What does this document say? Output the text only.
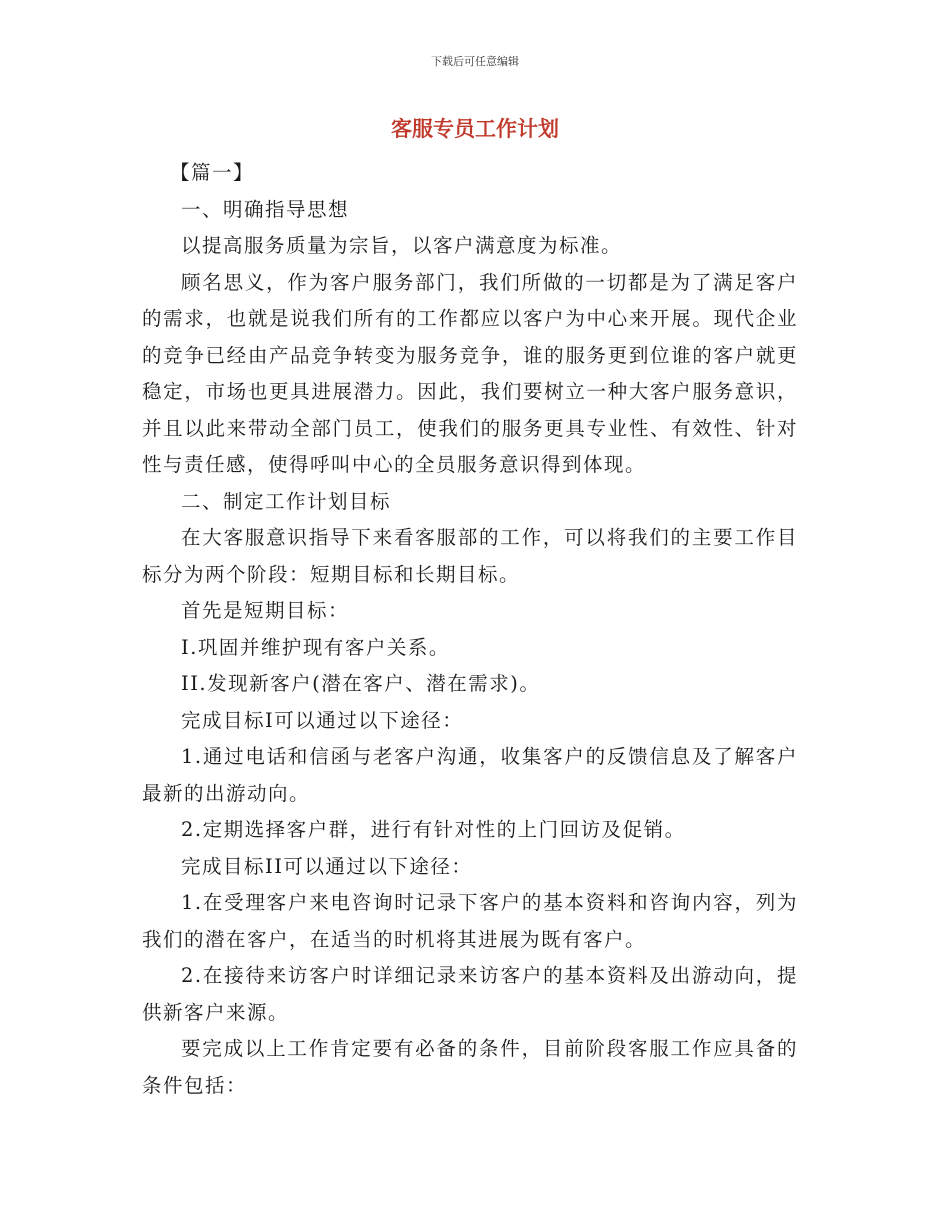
下载后可任意编辑
客服专员工作计划

【篇一】

一、明确指导思想

以提高服务质量为宗旨，以客户满意度为标准。

顾名思义，作为客户服务部门，我们所做的一切都是为了满足客户的需求，也就是说我们所有的工作都应以客户为中心来开展。现代企业的竞争已经由产品竞争转变为服务竞争，谁的服务更到位谁的客户就更稳定，市场也更具进展潜力。因此，我们要树立一种大客户服务意识，并且以此来带动全部门员工，使我们的服务更具专业性、有效性、针对性与责任感，使得呼叫中心的全员服务意识得到体现。

二、制定工作计划目标

在大客服意识指导下来看客服部的工作，可以将我们的主要工作目标分为两个阶段：短期目标和长期目标。

首先是短期目标：

I.巩固并维护现有客户关系。

II.发现新客户(潜在客户、潜在需求)。

完成目标I可以通过以下途径：

1.通过电话和信函与老客户沟通，收集客户的反馈信息及了解客户最新的出游动向。

2.定期选择客户群，进行有针对性的上门回访及促销。

完成目标II可以通过以下途径：

1.在受理客户来电咨询时记录下客户的基本资料和咨询内容，列为我们的潜在客户，在适当的时机将其进展为既有客户。

2.在接待来访客户时详细记录来访客户的基本资料及出游动向，提供新客户来源。

要完成以上工作肯定要有必备的条件，目前阶段客服工作应具备的条件包括：
